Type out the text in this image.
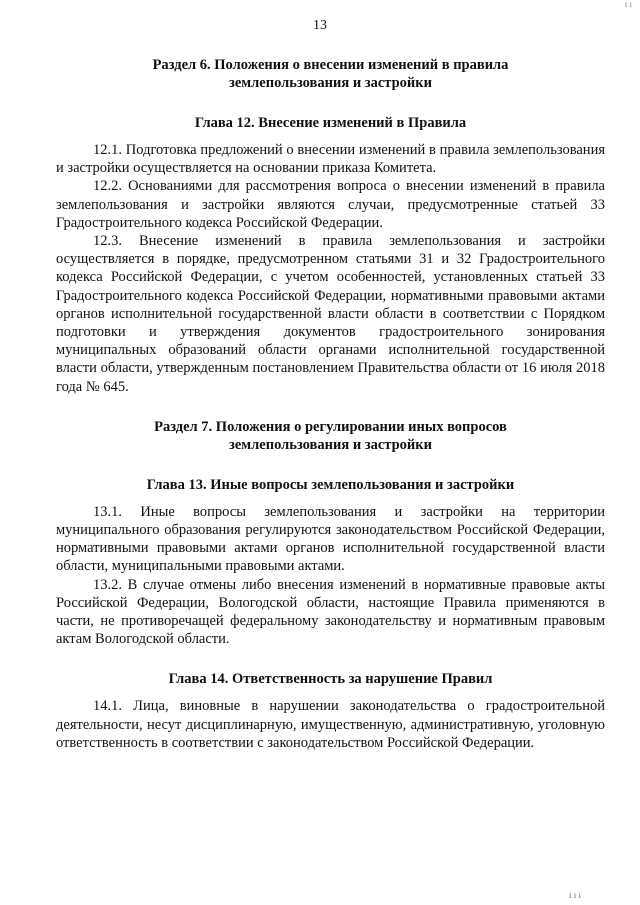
ı ı
13
Раздел 6. Положения о внесении изменений в правила
землепользования и застройки
Глава 12. Внесение изменений в Правила

12.1. Подготовка предложений о внесении изменений в правила землепользования и застройки осуществляется на основании приказа Комитета.

12.2. Основаниями для рассмотрения вопроса о внесении изменений в правила землепользования и застройки являются случаи, предусмотренные статьей 33 Градостроительного кодекса Российской Федерации.

12.3. Внесение изменений в правила землепользования и застройки осуществляется в порядке, предусмотренном статьями 31 и 32 Градостроительного кодекса Российской Федерации, с учетом особенностей, установленных статьей 33 Градостроительного кодекса Российской Федерации, нормативными правовыми актами органов исполнительной государственной власти области в соответствии с Порядком подготовки и утверждения документов градостроительного зонирования муниципальных образований области органами исполнительной государственной власти области, утвержденным постановлением Правительства области от 16 июля 2018 года № 645.

Раздел 7. Положения о регулировании иных вопросов
землепользования и застройки
Глава 13. Иные вопросы землепользования и застройки

13.1. Иные вопросы землепользования и застройки на территории муниципального образования регулируются законодательством Российской Федерации, нормативными правовыми актами органов исполнительной государственной власти области, муниципальными правовыми актами.

13.2. В случае отмены либо внесения изменений в нормативные правовые акты Российской Федерации, Вологодской области, настоящие Правила применяются в части, не противоречащей федеральному законодательству и нормативным правовым актам Вологодской области.

Глава 14. Ответственность за нарушение Правил

14.1. Лица, виновные в нарушении законодательства о градостроительной деятельности, несут дисциплинарную, имущественную, административную, уголовную ответственность в соответствии с законодательством Российской Федерации.

ı ı ı
